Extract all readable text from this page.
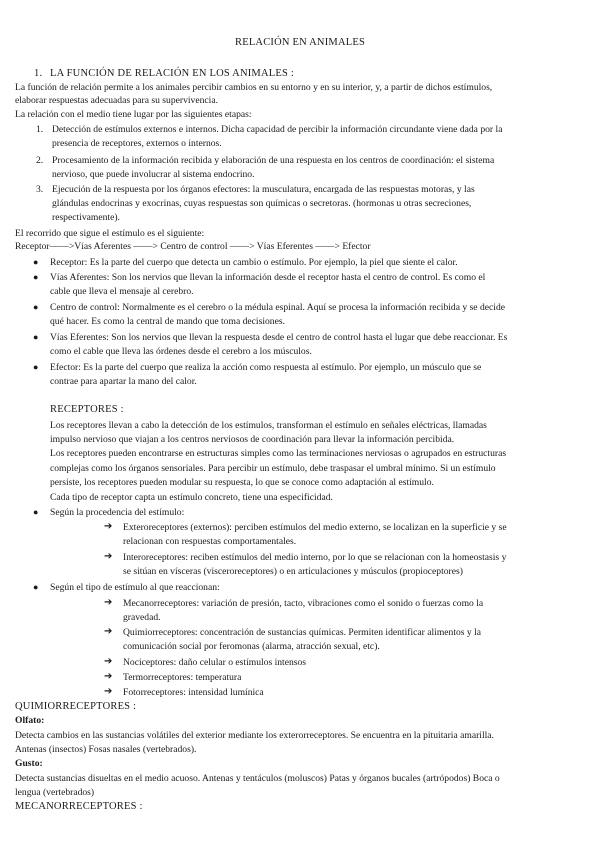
RELACIÓN EN ANIMALES
1. LA FUNCIÓN DE RELACIÓN EN LOS ANIMALES :
La función de relación permite a los animales percibir cambios en su entorno y en su interior, y, a partir de dichos estímulos,
elaborar respuestas adecuadas para su supervivencia.
La relación con el medio tiene lugar por las siguientes etapas:
1. Detección de estímulos externos e internos. Dicha capacidad de percibir la información circundante viene dada por la
presencia de receptores, externos o internos.
2. Procesamiento de la información recibida y elaboración de una respuesta en los centros de coordinación: el sistema
nervioso, que puede involucrar al sistema endocrino.
3. Ejecución de la respuesta por los órganos efectores: la musculatura, encargada de las respuestas motoras, y las
glándulas endocrinas y exocrinas, cuyas respuestas son químicas o secretoras. (hormonas u otras secreciones,
respectivamente).
El recorrido que sigue el estímulo es el siguiente:
Receptor——>Vías Aferentes ——> Centro de control ——> Vías Eferentes ——> Efector
● Receptor: Es la parte del cuerpo que detecta un cambio o estímulo. Por ejemplo, la piel que siente el calor.
● Vías Aferentes: Son los nervios que llevan la información desde el receptor hasta el centro de control. Es como el
cable que lleva el mensaje al cerebro.
● Centro de control: Normalmente es el cerebro o la médula espinal. Aquí se procesa la información recibida y se decide
qué hacer. Es como la central de mando que toma decisiones.
● Vías Eferentes: Son los nervios que llevan la respuesta desde el centro de control hasta el lugar que debe reaccionar. Es
como el cable que lleva las órdenes desde el cerebro a los músculos.
● Efector: Es la parte del cuerpo que realiza la acción como respuesta al estímulo. Por ejemplo, un músculo que se
contrae para apartar la mano del calor.
RECEPTORES :
Los receptores llevan a cabo la detección de los estímulos, transforman el estímulo en señales eléctricas, llamadas
impulso nervioso que viajan a los centros nerviosos de coordinación para llevar la información percibida.
Los receptores pueden encontrarse en estructuras simples como las terminaciones nerviosas o agrupados en estructuras
complejas como los órganos sensoriales. Para percibir un estímulo, debe traspasar el umbral mínimo. Si un estímulo
persiste, los receptores pueden modular su respuesta, lo que se conoce como adaptación al estímulo.
Cada tipo de receptor capta un estímulo concreto, tiene una especificidad.
● Según la procedencia del estímulo:
➔ Exteroreceptores (externos): perciben estímulos del medio externo, se localizan en la superficie y se
relacionan con respuestas comportamentales.
➔ Interoreceptores: reciben estímulos del medio interno, por lo que se relacionan con la homeostasis y
se sitúan en vísceras (visceroreceptores) o en articulaciones y músculos (propioceptores)
● Según el tipo de estímulo al que reaccionan:
➔ Mecanorreceptores: variación de presión, tacto, vibraciones como el sonido o fuerzas como la
gravedad.
➔ Quimiorreceptores: concentración de sustancias químicas. Permiten identificar alimentos y la
comunicación social por feromonas (alarma, atracción sexual, etc).
➔ Nociceptores: daño celular o estímulos intensos
➔ Termorreceptores: temperatura
➔ Fotorreceptores: intensidad lumínica
QUIMIORRECEPTORES :
Olfato:
Detecta cambios en las sustancias volátiles del exterior mediante los exterorreceptores. Se encuentra en la pituitaria amarilla.
Antenas (insectos) Fosas nasales (vertebrados).
Gusto:
Detecta sustancias disueltas en el medio acuoso. Antenas y tentáculos (moluscos) Patas y órganos bucales (artrópodos) Boca o
lengua (vertebrados)
MECANORRECEPTORES :
